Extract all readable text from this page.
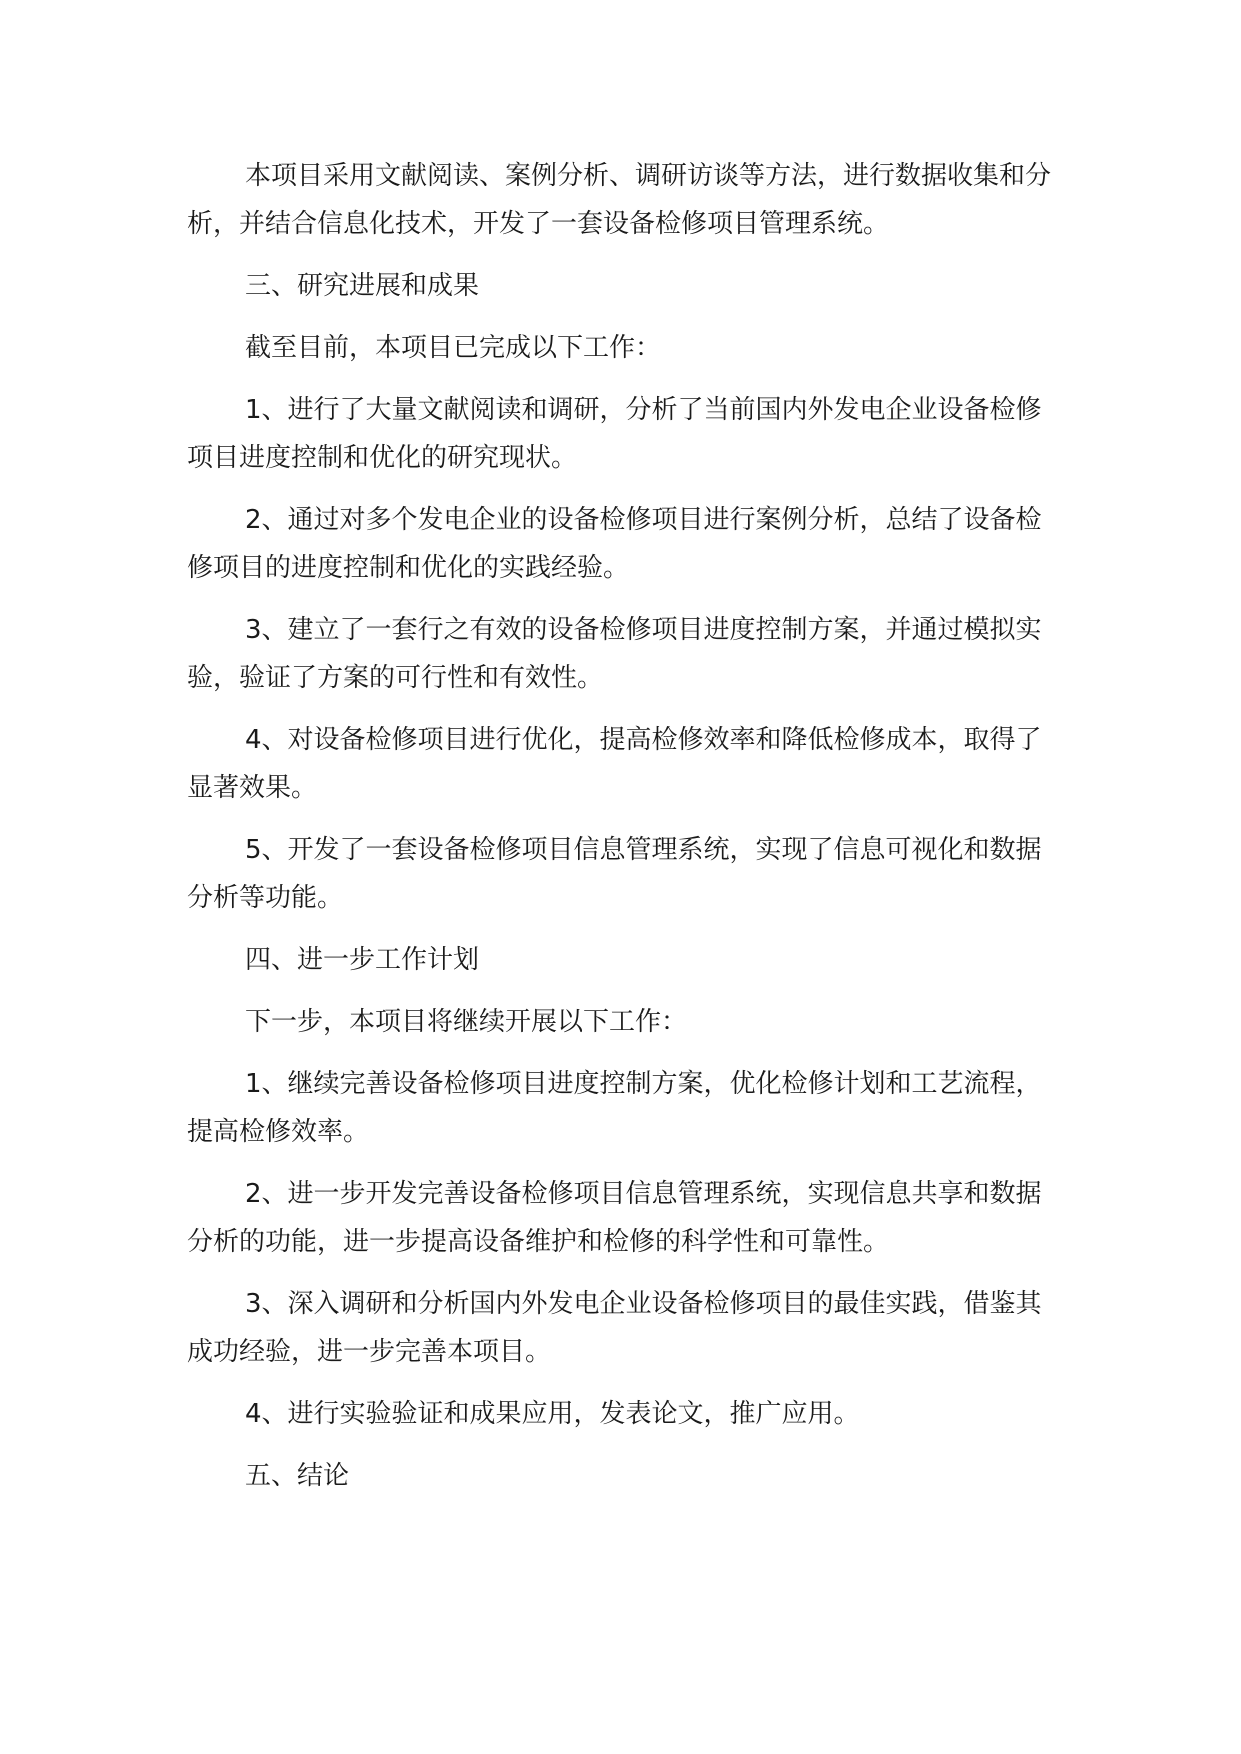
本项目采用文献阅读、案例分析、调研访谈等方法，进行数据收集和分析，并结合信息化技术，开发了一套设备检修项目管理系统。

三、研究进展和成果

截至目前，本项目已完成以下工作：

1、进行了大量文献阅读和调研，分析了当前国内外发电企业设备检修项目进度控制和优化的研究现状。

2、通过对多个发电企业的设备检修项目进行案例分析，总结了设备检修项目的进度控制和优化的实践经验。

3、建立了一套行之有效的设备检修项目进度控制方案，并通过模拟实验，验证了方案的可行性和有效性。

4、对设备检修项目进行优化，提高检修效率和降低检修成本，取得了显著效果。

5、开发了一套设备检修项目信息管理系统，实现了信息可视化和数据分析等功能。

四、进一步工作计划

下一步，本项目将继续开展以下工作：

1、继续完善设备检修项目进度控制方案，优化检修计划和工艺流程，提高检修效率。

2、进一步开发完善设备检修项目信息管理系统，实现信息共享和数据分析的功能，进一步提高设备维护和检修的科学性和可靠性。

3、深入调研和分析国内外发电企业设备检修项目的最佳实践，借鉴其成功经验，进一步完善本项目。

4、进行实验验证和成果应用，发表论文，推广应用。

五、结论
